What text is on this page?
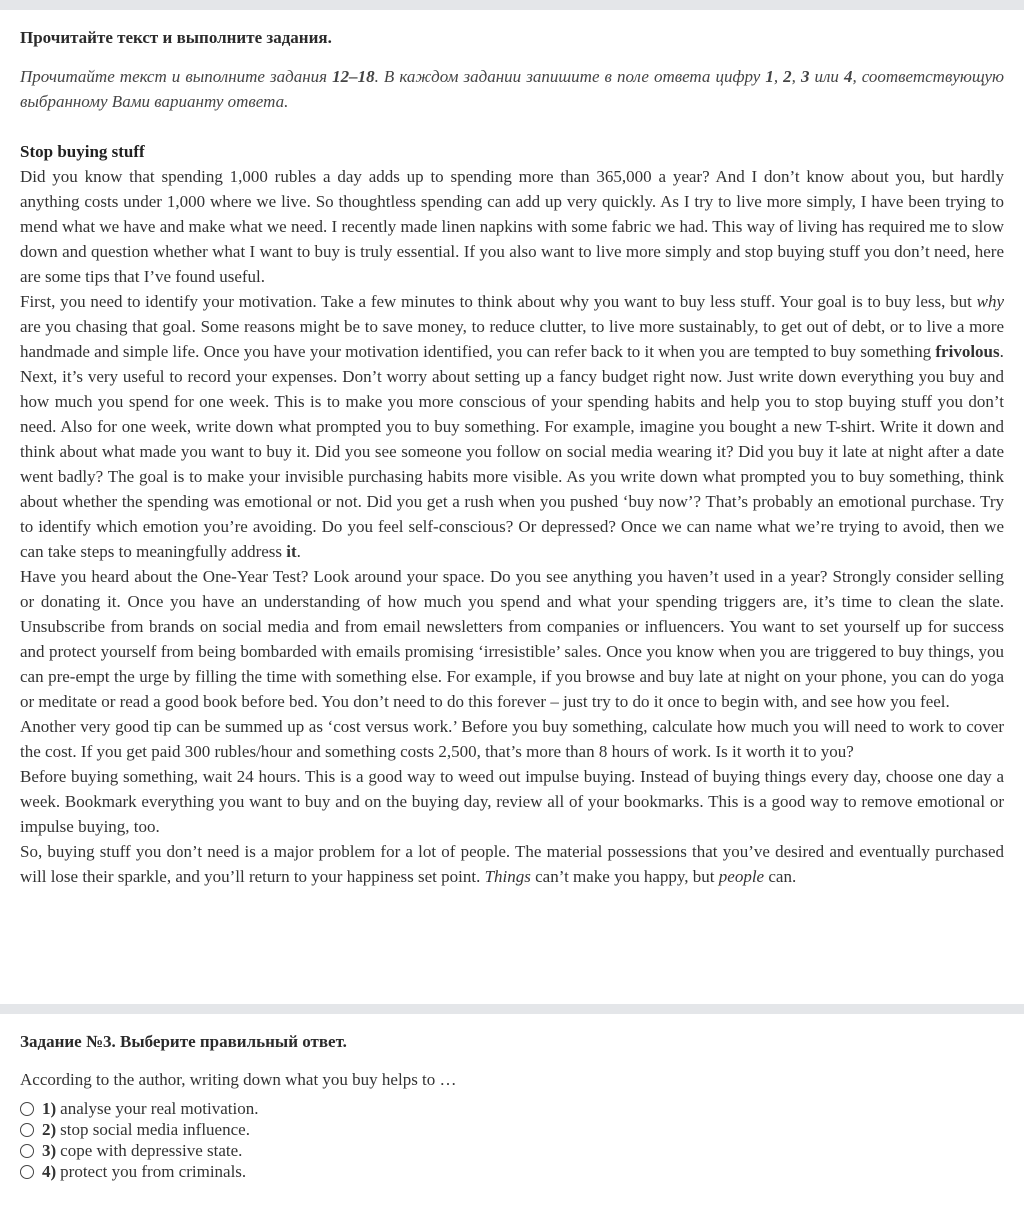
Прочитайте текст и выполните задания.

Прочитайте текст и выполните задания 12–18. В каждом задании запишите в поле ответа цифру 1, 2, 3 или 4, соответствующую выбранному Вами варианту ответа.

Stop buying stuff

Did you know that spending 1,000 rubles a day adds up to spending more than 365,000 a year? And I don’t know about you, but hardly anything costs under 1,000 where we live. So thoughtless spending can add up very quickly. As I try to live more simply, I have been trying to mend what we have and make what we need. I recently made linen napkins with some fabric we had. This way of living has required me to slow down and question whether what I want to buy is truly essential. If you also want to live more simply and stop buying stuff you don’t need, here are some tips that I’ve found useful.

First, you need to identify your motivation. Take a few minutes to think about why you want to buy less stuff. Your goal is to buy less, but why are you chasing that goal. Some reasons might be to save money, to reduce clutter, to live more sustainably, to get out of debt, or to live a more handmade and simple life. Once you have your motivation identified, you can refer back to it when you are tempted to buy something frivolous.

Next, it’s very useful to record your expenses. Don’t worry about setting up a fancy budget right now. Just write down everything you buy and how much you spend for one week. This is to make you more conscious of your spending habits and help you to stop buying stuff you don’t need. Also for one week, write down what prompted you to buy something. For example, imagine you bought a new T-shirt. Write it down and think about what made you want to buy it. Did you see someone you follow on social media wearing it? Did you buy it late at night after a date went badly? The goal is to make your invisible purchasing habits more visible. As you write down what prompted you to buy something, think about whether the spending was emotional or not. Did you get a rush when you pushed ‘buy now’? That’s probably an emotional purchase. Try to identify which emotion you’re avoiding. Do you feel self-conscious? Or depressed? Once we can name what we’re trying to avoid, then we can take steps to meaningfully address it.

Have you heard about the One-Year Test? Look around your space. Do you see anything you haven’t used in a year? Strongly consider selling or donating it. Once you have an understanding of how much you spend and what your spending triggers are, it’s time to clean the slate. Unsubscribe from brands on social media and from email newsletters from companies or influencers. You want to set yourself up for success and protect yourself from being bombarded with emails promising ‘irresistible’ sales. Once you know when you are triggered to buy things, you can pre-empt the urge by filling the time with something else. For example, if you browse and buy late at night on your phone, you can do yoga or meditate or read a good book before bed. You don’t need to do this forever – just try to do it once to begin with, and see how you feel.

Another very good tip can be summed up as ‘cost versus work.’ Before you buy something, calculate how much you will need to work to cover the cost. If you get paid 300 rubles/hour and something costs 2,500, that’s more than 8 hours of work. Is it worth it to you?

Before buying something, wait 24 hours. This is a good way to weed out impulse buying. Instead of buying things every day, choose one day a week. Bookmark everything you want to buy and on the buying day, review all of your bookmarks. This is a good way to remove emotional or impulse buying, too.

So, buying stuff you don’t need is a major problem for a lot of people. The material possessions that you’ve desired and eventually purchased will lose their sparkle, and you’ll return to your happiness set point. Things can’t make you happy, but people can.

Задание №3. Выберите правильный ответ.

According to the author, writing down what you buy helps to …

1) analyse your real motivation.
2) stop social media influence.
3) cope with depressive state.
4) protect you from criminals.
